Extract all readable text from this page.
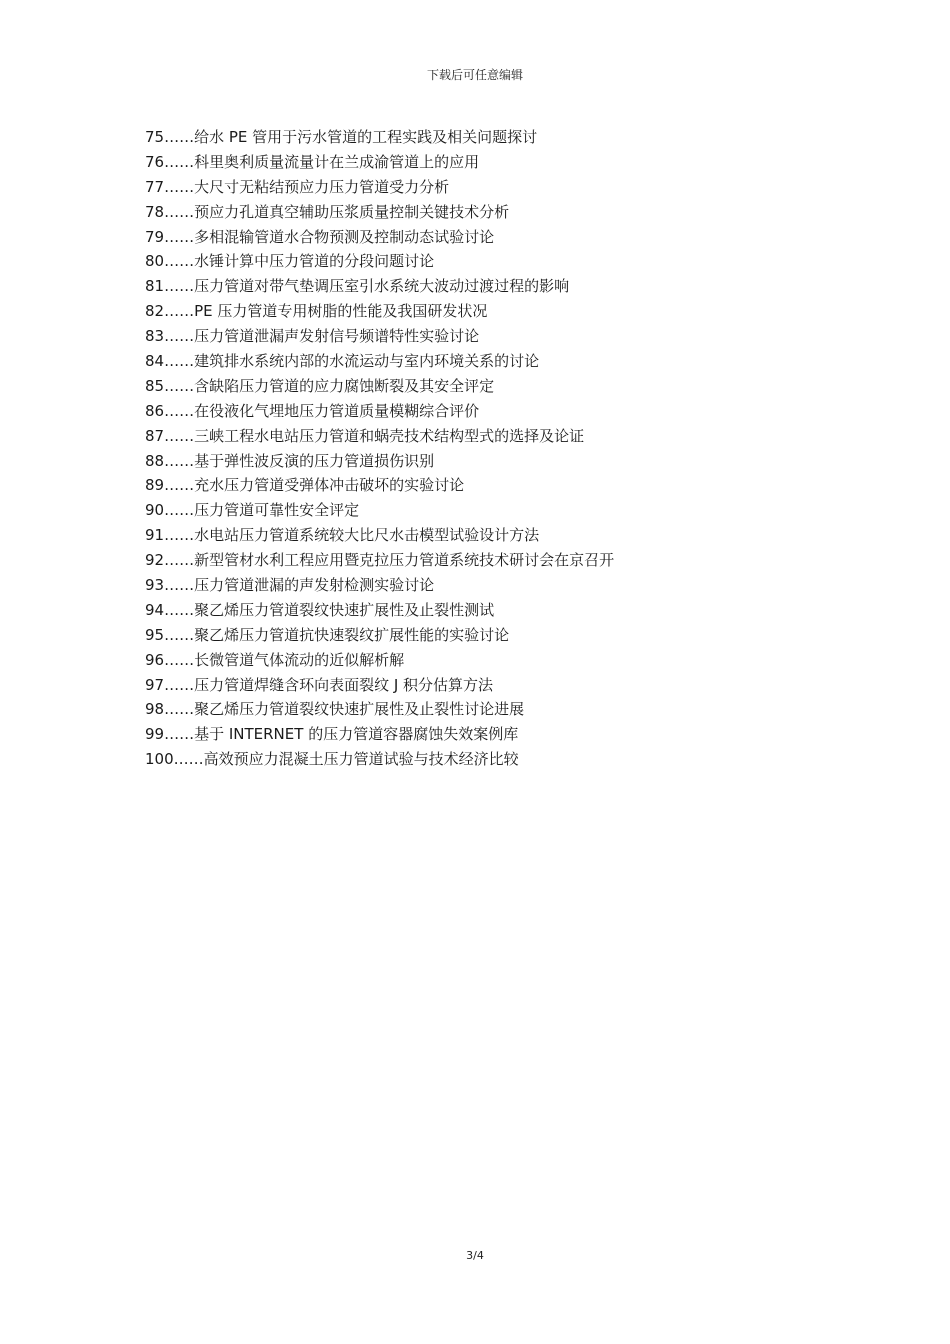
下载后可任意编辑
75……给水 PE 管用于污水管道的工程实践及相关问题探讨
76……科里奥利质量流量计在兰成渝管道上的应用
77……大尺寸无粘结预应力压力管道受力分析
78……预应力孔道真空辅助压浆质量控制关键技术分析
79……多相混输管道水合物预测及控制动态试验讨论
80……水锤计算中压力管道的分段问题讨论
81……压力管道对带气垫调压室引水系统大波动过渡过程的影响
82……PE 压力管道专用树脂的性能及我国研发状况
83……压力管道泄漏声发射信号频谱特性实验讨论
84……建筑排水系统内部的水流运动与室内环境关系的讨论
85……含缺陷压力管道的应力腐蚀断裂及其安全评定
86……在役液化气埋地压力管道质量模糊综合评价
87……三峡工程水电站压力管道和蜗壳技术结构型式的选择及论证
88……基于弹性波反演的压力管道损伤识别
89……充水压力管道受弹体冲击破坏的实验讨论
90……压力管道可靠性安全评定
91……水电站压力管道系统较大比尺水击模型试验设计方法
92……新型管材水利工程应用暨克拉压力管道系统技术研讨会在京召开
93……压力管道泄漏的声发射检测实验讨论
94……聚乙烯压力管道裂纹快速扩展性及止裂性测试
95……聚乙烯压力管道抗快速裂纹扩展性能的实验讨论
96……长微管道气体流动的近似解析解
97……压力管道焊缝含环向表面裂纹 J 积分估算方法
98……聚乙烯压力管道裂纹快速扩展性及止裂性讨论进展
99……基于 INTERNET 的压力管道容器腐蚀失效案例库
100……高效预应力混凝土压力管道试验与技术经济比较
3/4
